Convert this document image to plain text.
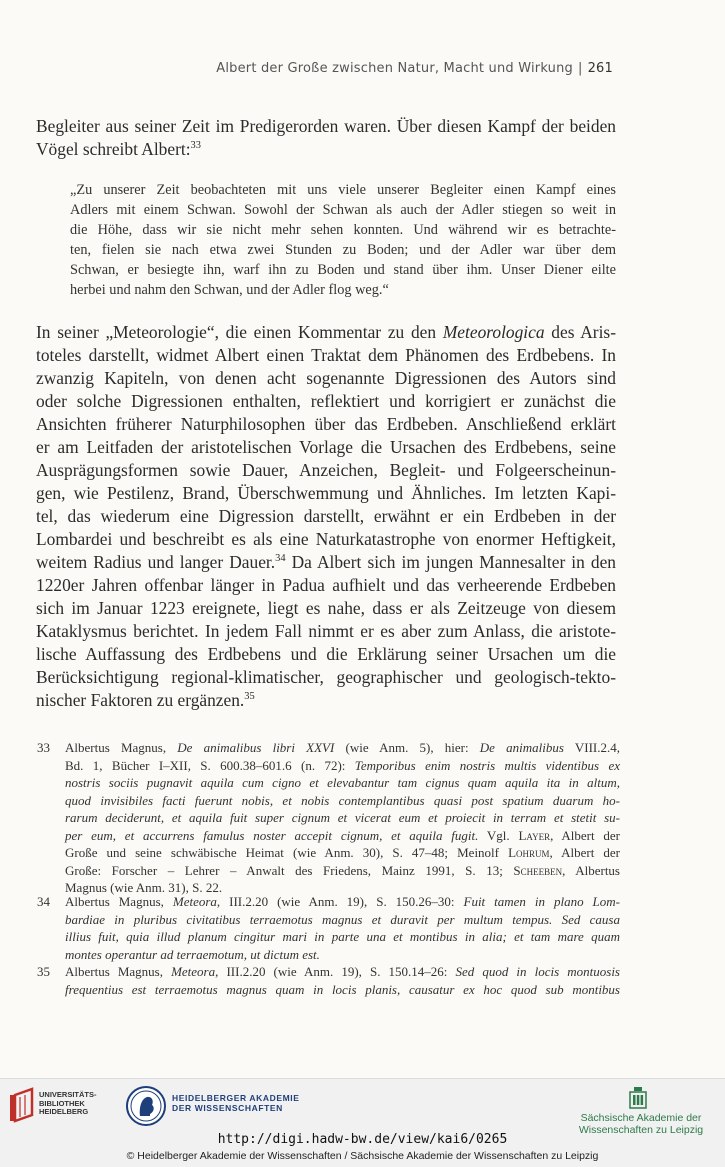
Albert der Große zwischen Natur, Macht und Wirkung | 261
Begleiter aus seiner Zeit im Predigerorden waren. Über diesen Kampf der beiden
Vögel schreibt Albert:$^{33}$
„Zu unserer Zeit beobachteten mit uns viele unserer Begleiter einen Kampf eines
Adlers mit einem Schwan. Sowohl der Schwan als auch der Adler stiegen so weit in
die Höhe, dass wir sie nicht mehr sehen konnten. Und während wir es betrachte-
ten, fielen sie nach etwa zwei Stunden zu Boden; und der Adler war über dem
Schwan, er besiegte ihn, warf ihn zu Boden und stand über ihm. Unser Diener eilte
herbei und nahm den Schwan, und der Adler flog weg.“
In seiner „Meteorologie“, die einen Kommentar zu den Meteorologica des Aris-
toteles darstellt, widmet Albert einen Traktat dem Phänomen des Erdbebens. In
zwanzig Kapiteln, von denen acht sogenannte Digressionen des Autors sind
oder solche Digressionen enthalten, reflektiert und korrigiert er zunächst die
Ansichten früherer Naturphilosophen über das Erdbeben. Anschließend erklärt
er am Leitfaden der aristotelischen Vorlage die Ursachen des Erdbebens, seine
Ausprägungsformen sowie Dauer, Anzeichen, Begleit- und Folgeerscheinun-
gen, wie Pestilenz, Brand, Überschwemmung und Ähnliches. Im letzten Kapi-
tel, das wiederum eine Digression darstellt, erwähnt er ein Erdbeben in der
Lombardei und beschreibt es als eine Naturkatastrophe von enormer Heftigkeit,
weitem Radius und langer Dauer.$^{34}$ Da Albert sich im jungen Mannesalter in den
1220er Jahren offenbar länger in Padua aufhielt und das verheerende Erdbeben
sich im Januar 1223 ereignete, liegt es nahe, dass er als Zeitzeuge von diesem
Kataklysmus berichtet. In jedem Fall nimmt er es aber zum Anlass, die aristote-
lische Auffassung des Erdbebens und die Erklärung seiner Ursachen um die
Berücksichtigung regional-klimatischer, geographischer und geologisch-tekto-
nischer Faktoren zu ergänzen.$^{35}$
33 Albertus Magnus, De animalibus libri XXVI (wie Anm. 5), hier: De animalibus VIII.2.4,
Bd. 1, Bücher I–XII, S. 600.38–601.6 (n. 72): Temporibus enim nostris multis videntibus ex
nostris sociis pugnavit aquila cum cigno et elevabantur tam cignus quam aquila ita in altum,
quod invisibiles facti fuerunt nobis, et nobis contemplantibus quasi post spatium duarum ho-
rarum deciderunt, et aquila fuit super cignum et vicerat eum et proiecit in terram et stetit su-
per eum, et accurrens famulus noster accepit cignum, et aquila fugit. Vgl. Layer, Albert der
Große und seine schwäbische Heimat (wie Anm. 30), S. 47–48; Meinolf Lohrum, Albert der
Große: Forscher – Lehrer – Anwalt des Friedens, Mainz 1991, S. 13; Scheeben, Albertus
Magnus (wie Anm. 31), S. 22.
34 Albertus Magnus, Meteora, III.2.20 (wie Anm. 19), S. 150.26–30: Fuit tamen in plano Lom-
bardiae in pluribus civitatibus terraemotus magnus et duravit per multum tempus. Sed causa
illius fuit, quia illud planum cingitur mari in parte una et montibus in alia; et tam mare quam
montes operantur ad terraemotum, ut dictum est.
35 Albertus Magnus, Meteora, III.2.20 (wie Anm. 19), S. 150.14–26: Sed quod in locis montuosis
frequentius est terraemotus magnus quam in locis planis, causatur ex hoc quod sub montibus
UNIVERSITÄTS-
BIBLIOTHEK
HEIDELBERG
HEIDELBERGER AKADEMIE
DER WISSENSCHAFTEN
Sächsische Akademie der Wissenschaften zu Leipzig
http://digi.hadw-bw.de/view/kai6/0265
© Heidelberger Akademie der Wissenschaften / Sächsische Akademie der Wissenschaften zu Leipzig
